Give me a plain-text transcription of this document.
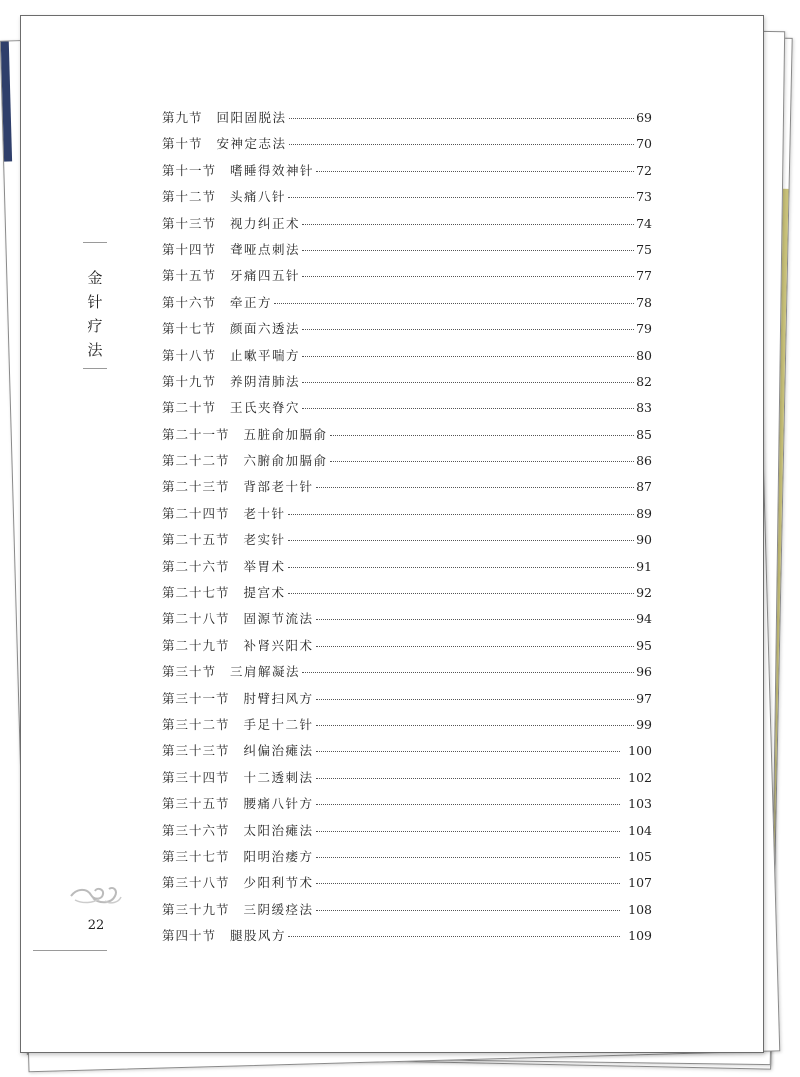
金
针
疗
法
22
第九节 回阳固脱法	69
第十节 安神定志法	70
第十一节 嗜睡得效神针	72
第十二节 头痛八针	73
第十三节 视力纠正术	74
第十四节 聋哑点刺法	75
第十五节 牙痛四五针	77
第十六节 牵正方	78
第十七节 颜面六透法	79
第十八节 止嗽平喘方	80
第十九节 养阴清肺法	82
第二十节 王氏夹脊穴	83
第二十一节 五脏俞加膈俞	85
第二十二节 六腑俞加膈俞	86
第二十三节 背部老十针	87
第二十四节 老十针	89
第二十五节 老实针	90
第二十六节 举胃术	91
第二十七节 提宫术	92
第二十八节 固源节流法	94
第二十九节 补肾兴阳术	95
第三十节 三肩解凝法	96
第三十一节 肘臂扫风方	97
第三十二节 手足十二针	99
第三十三节 纠偏治瘫法	100
第三十四节 十二透刺法	102
第三十五节 腰痛八针方	103
第三十六节 太阳治瘫法	104
第三十七节 阳明治痿方	105
第三十八节 少阳利节术	107
第三十九节 三阴缓痉法	108
第四十节 腿股风方	109
